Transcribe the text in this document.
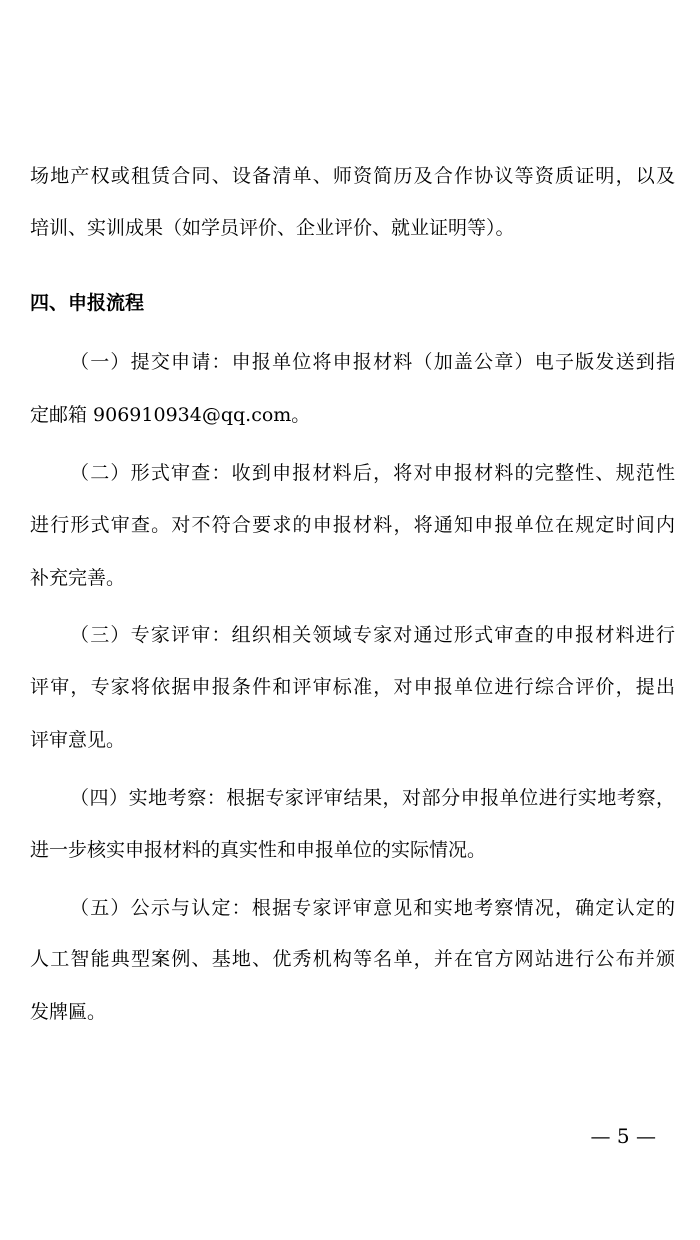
场地产权或租赁合同、设备清单、师资简历及合作协议等资质证明，以及
培训、实训成果（如学员评价、企业评价、就业证明等）。
四、申报流程
（一）提交申请：申报单位将申报材料（加盖公章）电子版发送到指
定邮箱 906910934@qq.com。
（二）形式审查：收到申报材料后，将对申报材料的完整性、规范性
进行形式审查。对不符合要求的申报材料，将通知申报单位在规定时间内
补充完善。
（三）专家评审：组织相关领域专家对通过形式审查的申报材料进行
评审，专家将依据申报条件和评审标准，对申报单位进行综合评价，提出
评审意见。
（四）实地考察：根据专家评审结果，对部分申报单位进行实地考察，
进一步核实申报材料的真实性和申报单位的实际情况。
（五）公示与认定：根据专家评审意见和实地考察情况，确定认定的
人工智能典型案例、基地、优秀机构等名单，并在官方网站进行公布并颁
发牌匾。
— 5 —
